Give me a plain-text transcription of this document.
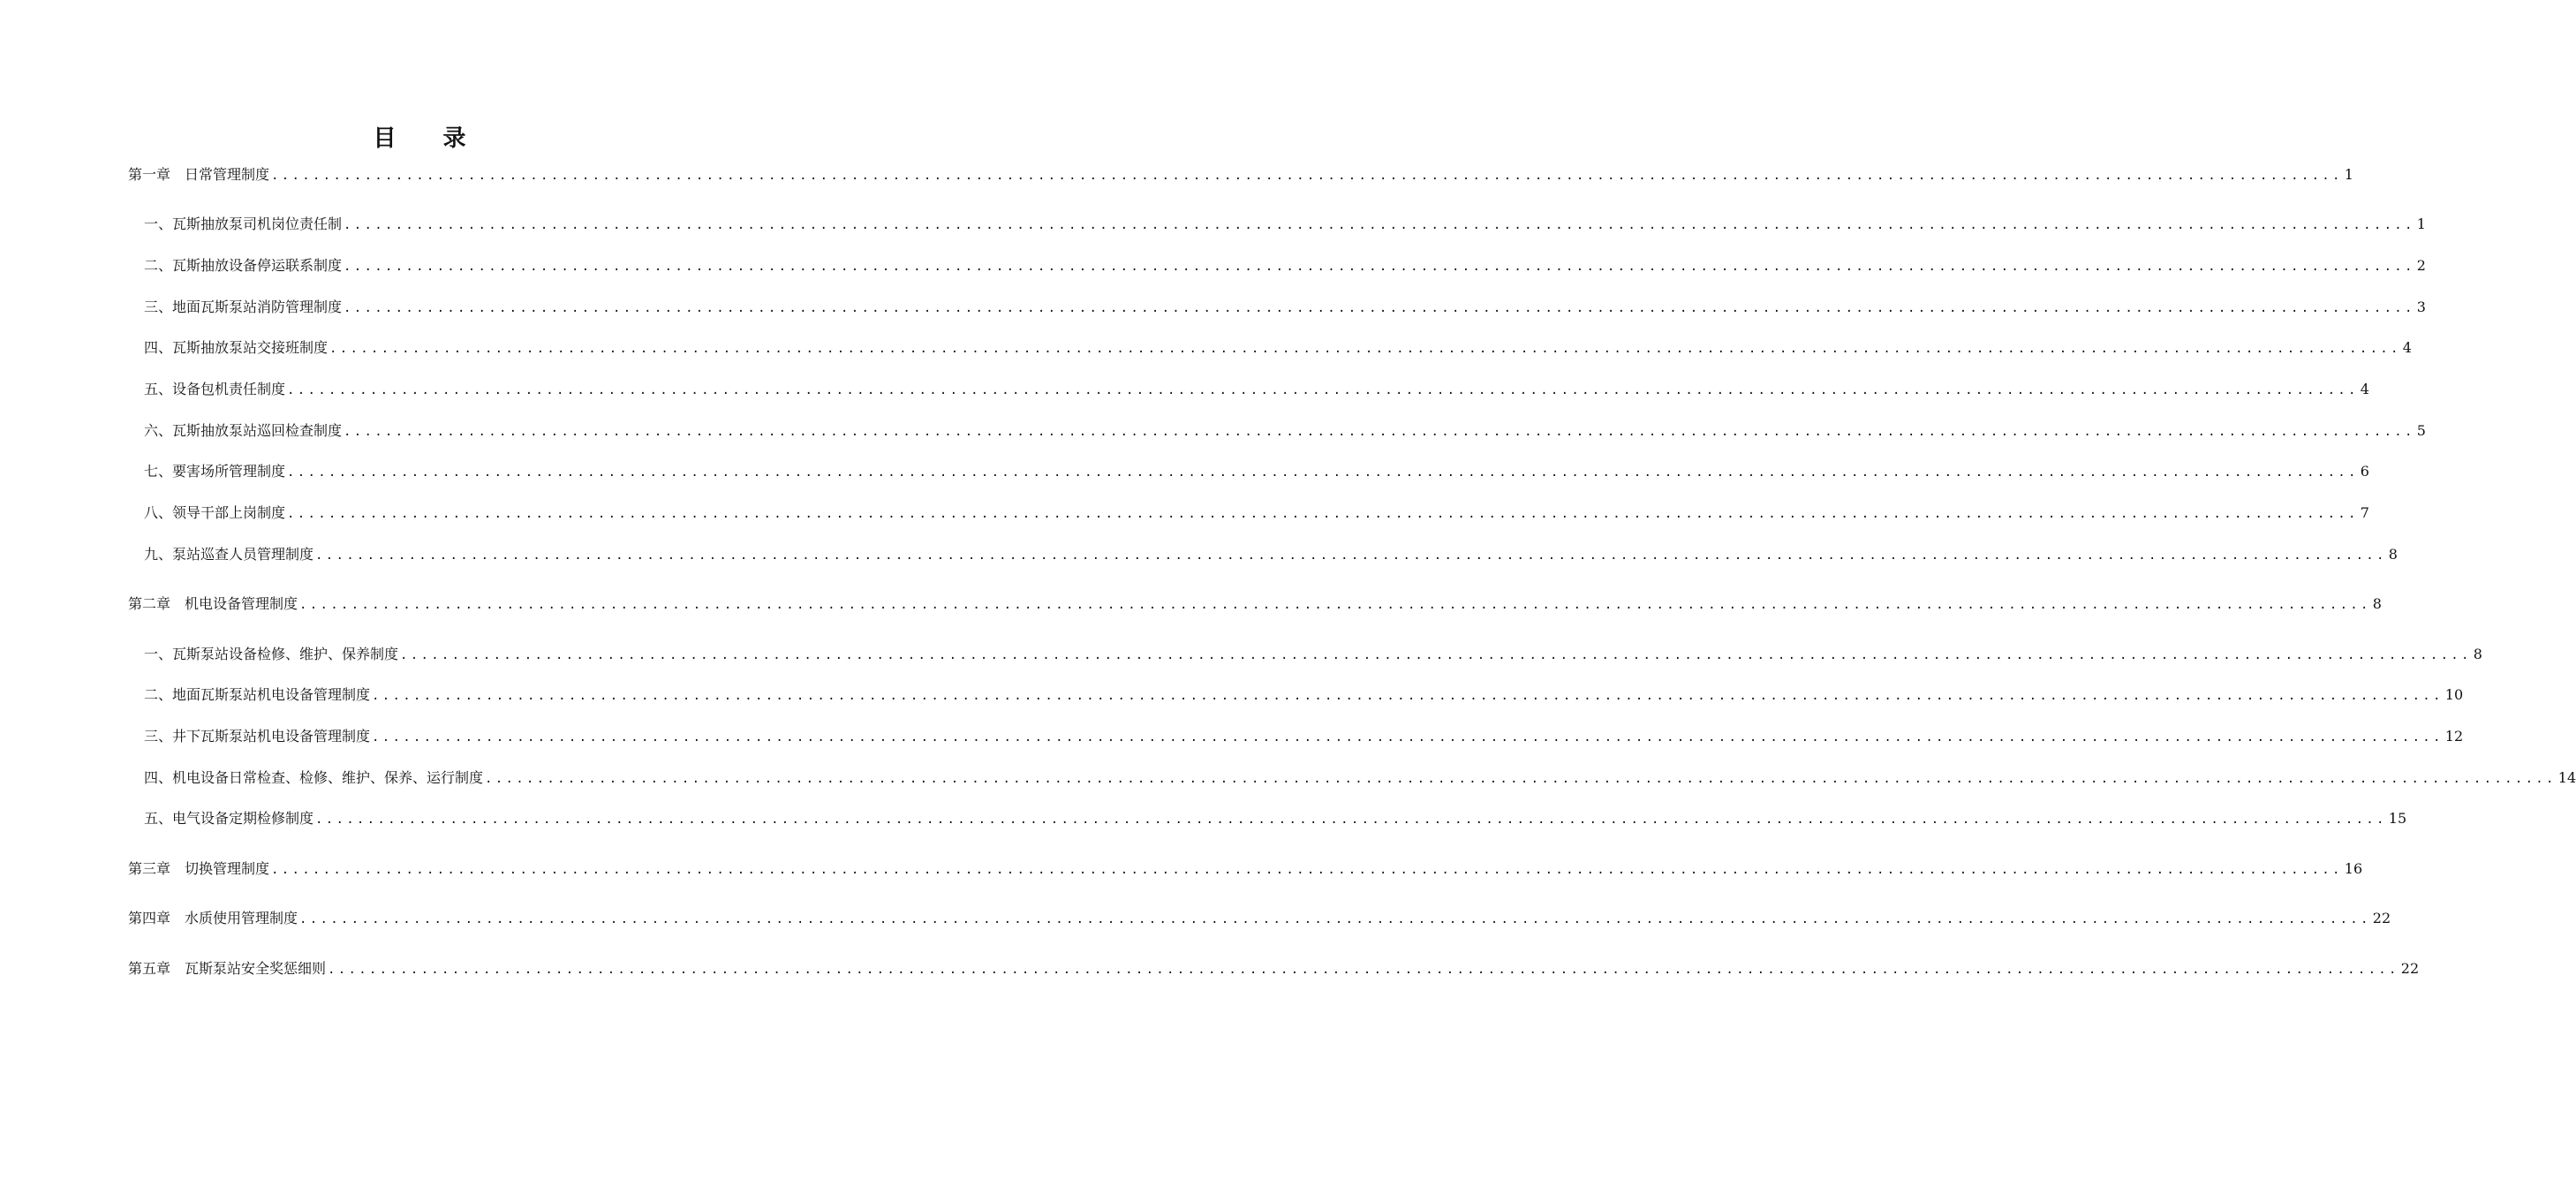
目 录
第一章　日常管理制度 ........................................................................................................................................................................................................ 1
一、瓦斯抽放泵司机岗位责任制 ........................................................................................................................................................................................................ 1
二、瓦斯抽放设备停运联系制度 ........................................................................................................................................................................................................ 2
三、地面瓦斯泵站消防管理制度 ........................................................................................................................................................................................................ 3
四、瓦斯抽放泵站交接班制度 ........................................................................................................................................................................................................ 4
五、设备包机责任制度 ........................................................................................................................................................................................................ 4
六、瓦斯抽放泵站巡回检查制度 ........................................................................................................................................................................................................ 5
七、要害场所管理制度 ........................................................................................................................................................................................................ 6
八、领导干部上岗制度 ........................................................................................................................................................................................................ 7
九、泵站巡查人员管理制度 ........................................................................................................................................................................................................ 8
第二章　机电设备管理制度 ........................................................................................................................................................................................................ 8
一、瓦斯泵站设备检修、维护、保养制度 ........................................................................................................................................................................................................ 8
二、地面瓦斯泵站机电设备管理制度 ........................................................................................................................................................................................................ 10
三、井下瓦斯泵站机电设备管理制度 ........................................................................................................................................................................................................ 12
四、机电设备日常检查、检修、维护、保养、运行制度 ........................................................................................................................................................................................................ 14
五、电气设备定期检修制度 ........................................................................................................................................................................................................ 15
第三章　切换管理制度 ........................................................................................................................................................................................................ 16
第四章　水质使用管理制度 ........................................................................................................................................................................................................ 22
第五章　瓦斯泵站安全奖惩细则 ........................................................................................................................................................................................................ 22
